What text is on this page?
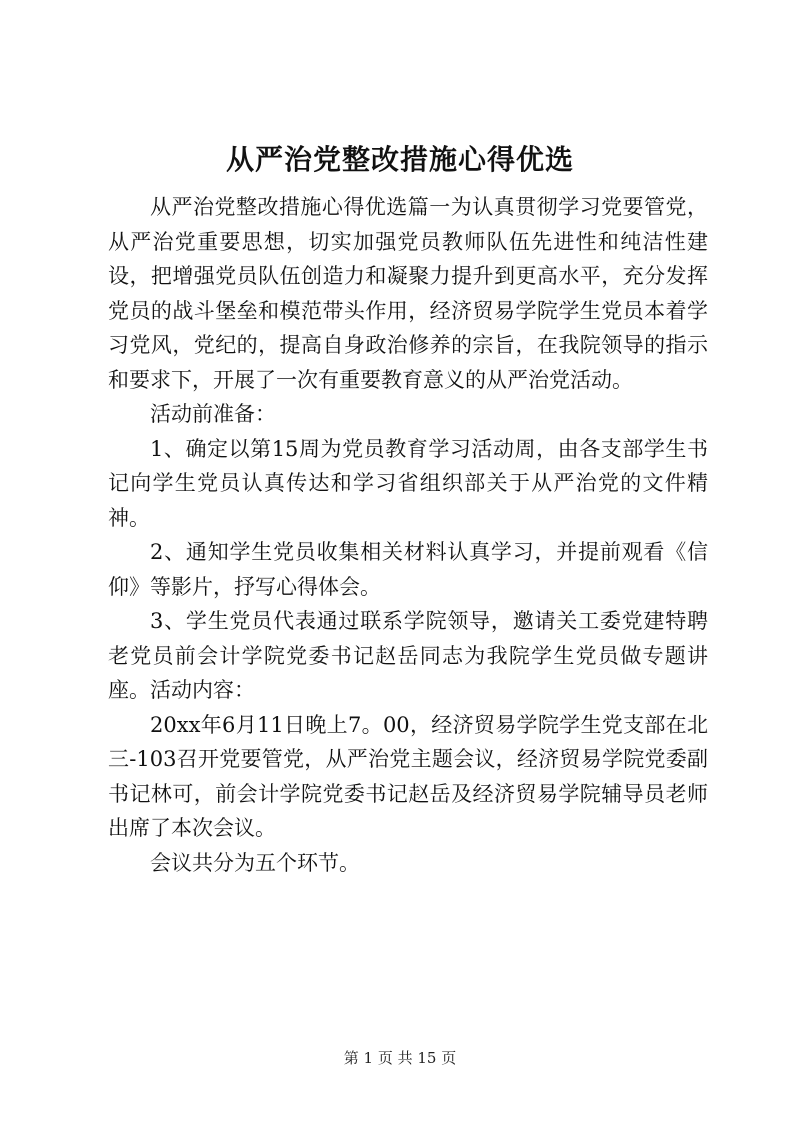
从严治党整改措施心得优选

从严治党整改措施心得优选篇一为认真贯彻学习党要管党，从严治党重要思想，切实加强党员教师队伍先进性和纯洁性建设，把增强党员队伍创造力和凝聚力提升到更高水平，充分发挥党员的战斗堡垒和模范带头作用，经济贸易学院学生党员本着学习党风，党纪的，提高自身政治修养的宗旨，在我院领导的指示和要求下，开展了一次有重要教育意义的从严治党活动。

活动前准备：

1、确定以第15周为党员教育学习活动周，由各支部学生书记向学生党员认真传达和学习省组织部关于从严治党的文件精神。

2、通知学生党员收集相关材料认真学习，并提前观看《信仰》等影片，抒写心得体会。

3、学生党员代表通过联系学院领导，邀请关工委党建特聘老党员前会计学院党委书记赵岳同志为我院学生党员做专题讲座。活动内容：

20xx年6月11日晚上7。00，经济贸易学院学生党支部在北三-103召开党要管党，从严治党主题会议，经济贸易学院党委副书记林可，前会计学院党委书记赵岳及经济贸易学院辅导员老师出席了本次会议。

会议共分为五个环节。

第 1 页 共 15 页
